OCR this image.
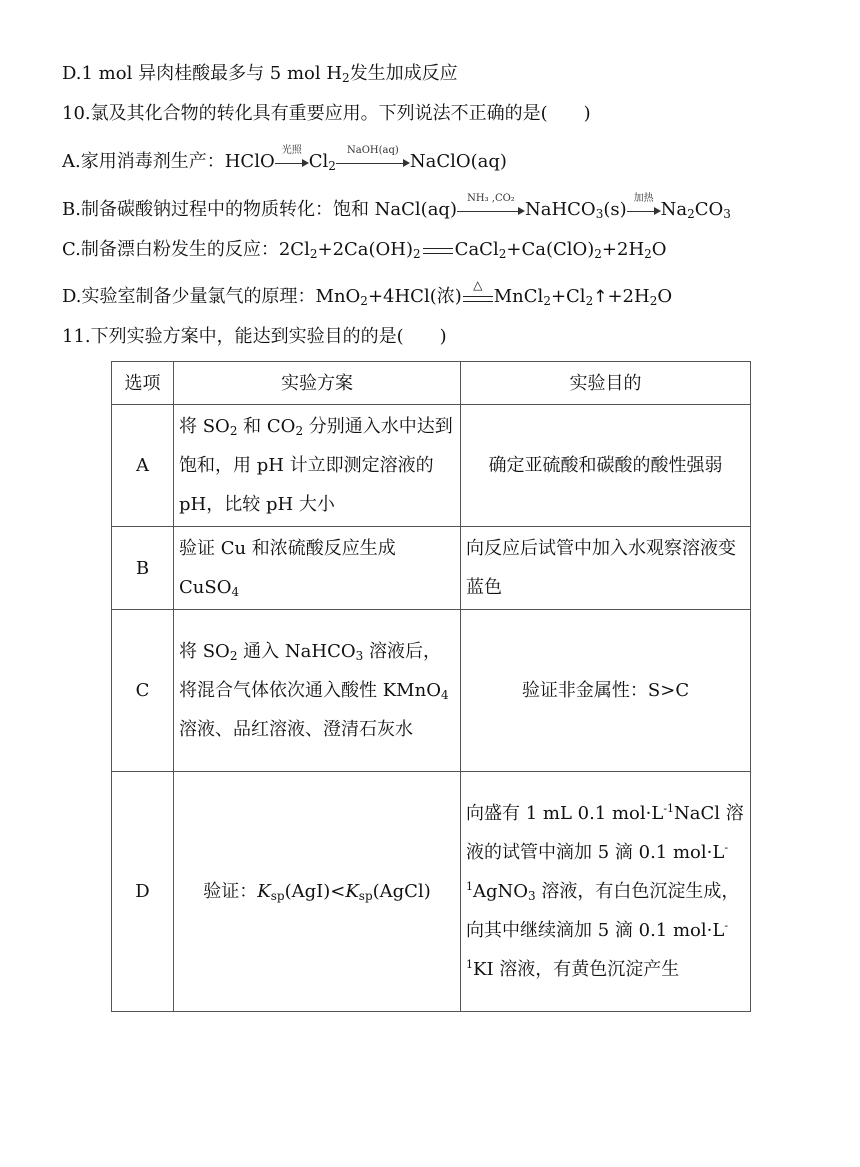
D.1 mol 异肉桂酸最多与 5 mol $H_2$发生加成反应
10.氯及其化合物的转化具有重要应用。下列说法不正确的是(　　)
A.家用消毒剂生产：HClO
光照
$Cl_2$
NaOH(aq)
NaClO(aq)
B.制备碳酸钠过程中的物质转化：饱和 NaCl(aq)
NH₃ ,CO₂
NaHCO$_3$(s)
加热
$Na_2CO_3$
C.制备漂白粉发生的反应：$2Cl_2+2Ca(OH)_2$ $CaCl_2+Ca(ClO)_2+2H_2O$
D.实验室制备少量氯气的原理：MnO$_2$+4HCl(浓)
△
$MnCl_2+Cl_2↑+2H_2O$
11.下列实验方案中，能达到实验目的的是(　　)
选项	实验方案	实验目的
A	将 $SO_2$ 和 $CO_2$ 分别通入水中达到饱和，用 pH 计立即测定溶液的 pH，比较 pH 大小	确定亚硫酸和碳酸的酸性强弱
B	验证 Cu 和浓硫酸反应生成 CuSO$_4$	向反应后试管中加入水观察溶液变蓝色
C	将 $SO_2$ 通入 NaHCO$_3$ 溶液后，将混合气体依次通入酸性 KMnO$_4$ 溶液、品红溶液、澄清石灰水	验证非金属性：S>C
D	验证：$K_{sp}(AgI)<K_{sp}(AgCl)$	向盛有 1 mL 0.1 $mol\cdot L^{-1}NaCl$ 溶液的试管中滴加 5 滴 0.1 $mol\cdot L^{-1}AgNO_3$ 溶液，有白色沉淀生成，向其中继续滴加 5 滴 0.1 $mol\cdot L^{-1}KI$ 溶液，有黄色沉淀产生
